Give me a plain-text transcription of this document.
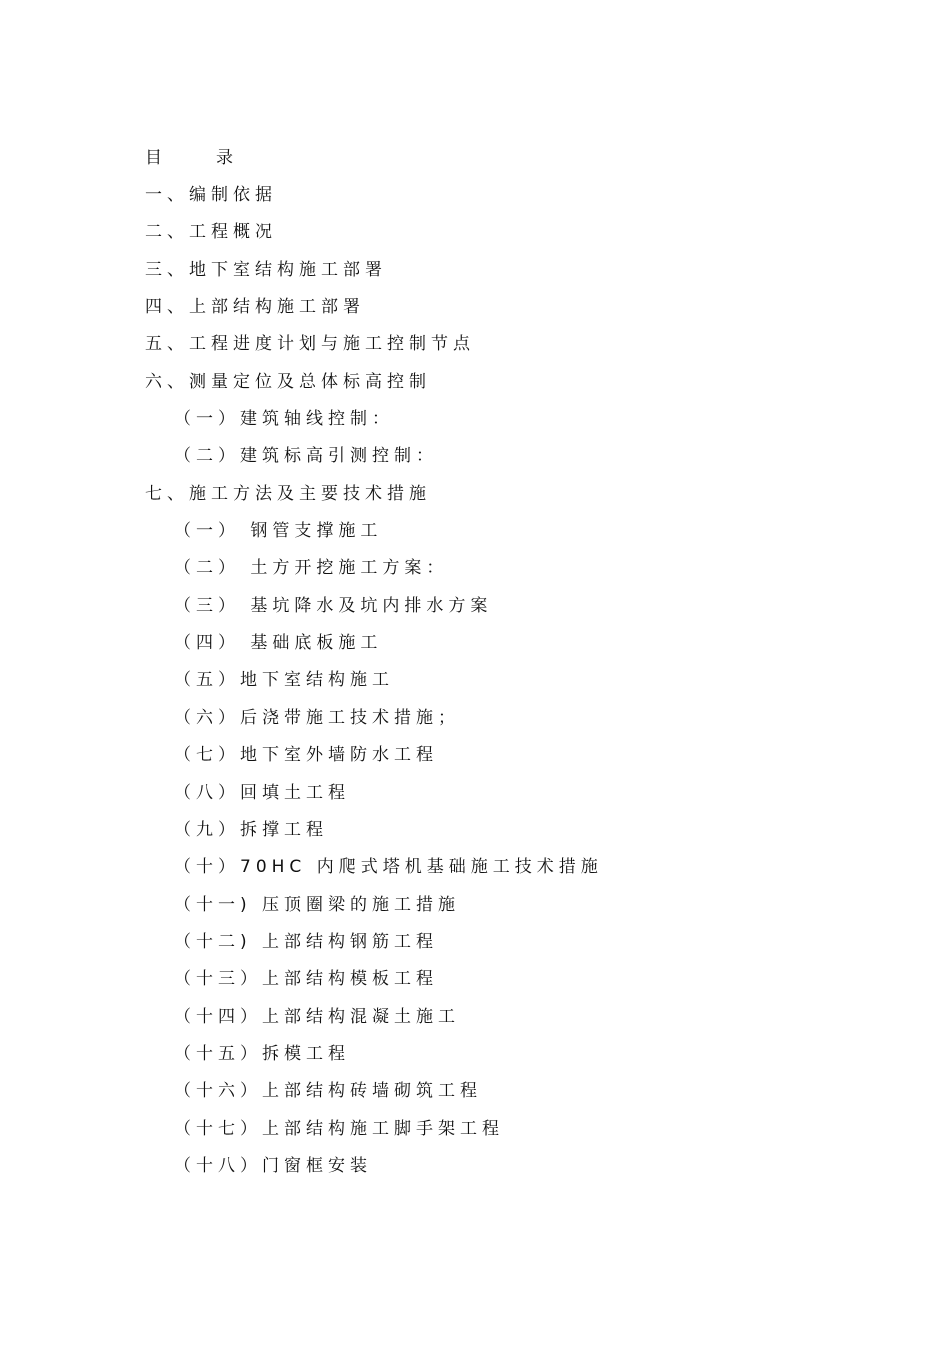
目          录
一、编制依据
二、工程概况
三、地下室结构施工部署
四、上部结构施工部署
五、工程进度计划与施工控制节点
六、测量定位及总体标高控制
（一）建筑轴线控制：
（二）建筑标高引测控制：
七、施工方法及主要技术措施
（一） 钢管支撑施工
（二） 土方开挖施工方案：
（三） 基坑降水及坑内排水方案
（四） 基础底板施工
（五）地下室结构施工
（六）后浇带施工技术措施；
（七）地下室外墙防水工程
（八）回填土工程
（九）拆撑工程
（十）70HC 内爬式塔机基础施工技术措施
（十一) 压顶圈梁的施工措施
（十二) 上部结构钢筋工程
（十三）上部结构模板工程
（十四）上部结构混凝土施工
（十五）拆模工程
（十六）上部结构砖墙砌筑工程
（十七）上部结构施工脚手架工程
（十八）门窗框安装
